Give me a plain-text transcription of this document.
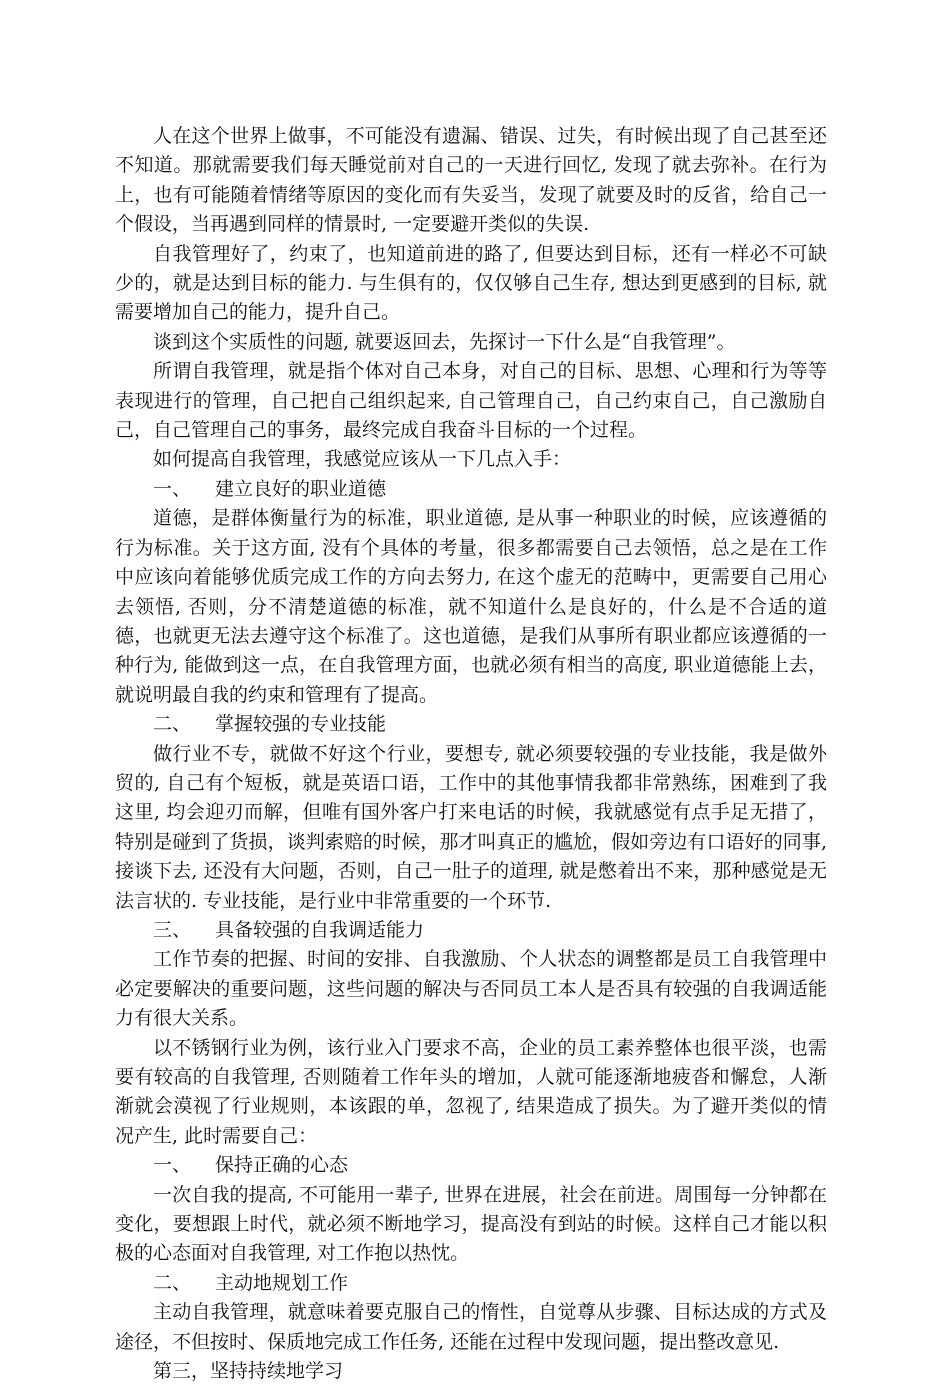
人在这个世界上做事，不可能没有遗漏、错误、过失，有时候出现了自己甚至还不知道。那就需要我们每天睡觉前对自己的一天进行回忆, 发现了就去弥补。在行为上，也有可能随着情绪等原因的变化而有失妥当，发现了就要及时的反省，给自己一个假设，当再遇到同样的情景时, 一定要避开类似的失误.

自我管理好了，约束了，也知道前进的路了, 但要达到目标，还有一样必不可缺少的，就是达到目标的能力. 与生俱有的，仅仅够自己生存, 想达到更感到的目标, 就需要增加自己的能力，提升自己。

谈到这个实质性的问题, 就要返回去，先探讨一下什么是“自我管理”。

所谓自我管理，就是指个体对自己本身，对自己的目标、思想、心理和行为等等表现进行的管理，自己把自己组织起来, 自己管理自己，自己约束自己，自己激励自己，自己管理自己的事务，最终完成自我奋斗目标的一个过程。

如何提高自我管理，我感觉应该从一下几点入手：

一、 建立良好的职业道德

道德，是群体衡量行为的标准，职业道德, 是从事一种职业的时候，应该遵循的行为标准。关于这方面, 没有个具体的考量，很多都需要自己去领悟，总之是在工作中应该向着能够优质完成工作的方向去努力, 在这个虚无的范畴中，更需要自己用心去领悟, 否则，分不清楚道德的标准，就不知道什么是良好的，什么是不合适的道德，也就更无法去遵守这个标准了。这也道德，是我们从事所有职业都应该遵循的一种行为, 能做到这一点，在自我管理方面，也就必须有相当的高度, 职业道德能上去，就说明最自我的约束和管理有了提高。

二、 掌握较强的专业技能

做行业不专，就做不好这个行业，要想专, 就必须要较强的专业技能，我是做外贸的, 自己有个短板，就是英语口语，工作中的其他事情我都非常熟练，困难到了我这里, 均会迎刃而解，但唯有国外客户打来电话的时候，我就感觉有点手足无措了，特别是碰到了货损，谈判索赔的时候，那才叫真正的尴尬，假如旁边有口语好的同事, 接谈下去, 还没有大问题，否则，自己一肚子的道理, 就是憋着出不来，那种感觉是无法言状的. 专业技能，是行业中非常重要的一个环节.

三、 具备较强的自我调适能力

工作节奏的把握、时间的安排、自我激励、个人状态的调整都是员工自我管理中必定要解决的重要问题，这些问题的解决与否同员工本人是否具有较强的自我调适能力有很大关系。

以不锈钢行业为例，该行业入门要求不高，企业的员工素养整体也很平淡，也需要有较高的自我管理, 否则随着工作年头的增加，人就可能逐渐地疲沓和懈怠，人渐渐就会漠视了行业规则，本该跟的单，忽视了, 结果造成了损失。为了避开类似的情况产生, 此时需要自己：

一、 保持正确的心态

一次自我的提高, 不可能用一辈子, 世界在进展，社会在前进。周围每一分钟都在变化，要想跟上时代，就必须不断地学习，提高没有到站的时候。这样自己才能以积极的心态面对自我管理, 对工作抱以热忱。

二、 主动地规划工作

主动自我管理，就意味着要克服自己的惰性，自觉尊从步骤、目标达成的方式及途径，不但按时、保质地完成工作任务, 还能在过程中发现问题，提出整改意见.

第三，坚持持续地学习
